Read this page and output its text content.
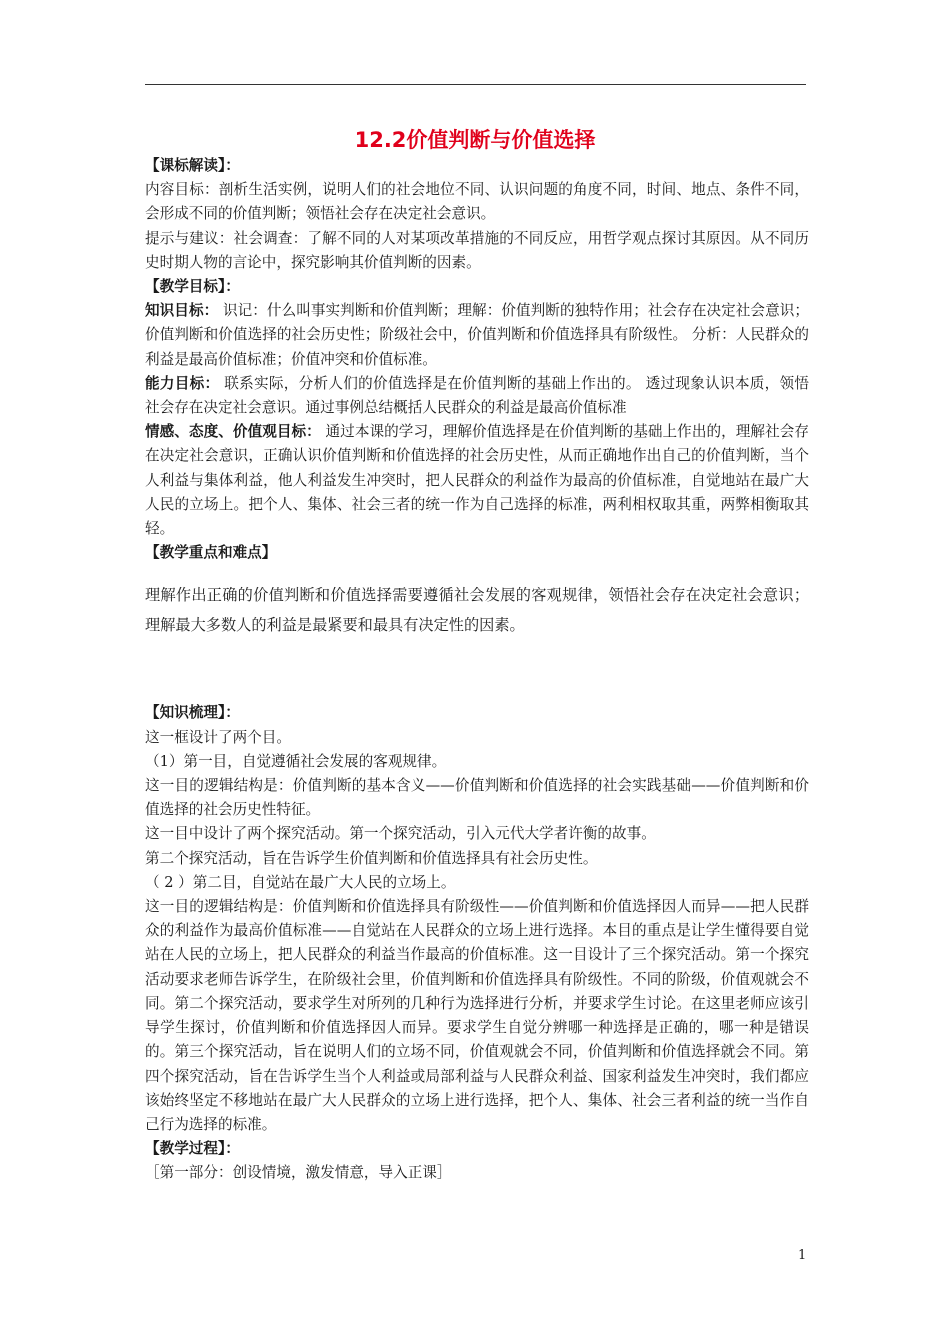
12.2价值判断与价值选择

【课标解读】：

内容目标：剖析生活实例，说明人们的社会地位不同、认识问题的角度不同，时间、地点、条件不同，会形成不同的价值判断；领悟社会存在决定社会意识。

提示与建议：社会调查：了解不同的人对某项改革措施的不同反应，用哲学观点探讨其原因。从不同历史时期人物的言论中，探究影响其价值判断的因素。

【教学目标】：

知识目标： 识记：什么叫事实判断和价值判断；理解：价值判断的独特作用；社会存在决定社会意识；价值判断和价值选择的社会历史性；阶级社会中，价值判断和价值选择具有阶级性。 分析：人民群众的利益是最高价值标准；价值冲突和价值标准。

能力目标： 联系实际，分析人们的价值选择是在价值判断的基础上作出的。 透过现象认识本质，领悟社会存在决定社会意识。通过事例总结概括人民群众的利益是最高价值标准

情感、态度、价值观目标： 通过本课的学习，理解价值选择是在价值判断的基础上作出的，理解社会存在决定社会意识，正确认识价值判断和价值选择的社会历史性，从而正确地作出自己的价值判断，当个人利益与集体利益，他人利益发生冲突时，把人民群众的利益作为最高的价值标准，自觉地站在最广大人民的立场上。把个人、集体、社会三者的统一作为自己选择的标准，两利相权取其重，两弊相衡取其轻。

【教学重点和难点】

理解作出正确的价值判断和价值选择需要遵循社会发展的客观规律，领悟社会存在决定社会意识；理解最大多数人的利益是最紧要和最具有决定性的因素。

【知识梳理】：

这一框设计了两个目。

（1）第一目，自觉遵循社会发展的客观规律。

这一目的逻辑结构是：价值判断的基本含义——价值判断和价值选择的社会实践基础——价值判断和价值选择的社会历史性特征。

这一目中设计了两个探究活动。第一个探究活动，引入元代大学者许衡的故事。

第二个探究活动，旨在告诉学生价值判断和价值选择具有社会历史性。

（ 2 ）第二目，自觉站在最广大人民的立场上。

这一目的逻辑结构是：价值判断和价值选择具有阶级性——价值判断和价值选择因人而异——把人民群众的利益作为最高价值标准——自觉站在人民群众的立场上进行选择。本目的重点是让学生懂得要自觉站在人民的立场上，把人民群众的利益当作最高的价值标准。这一目设计了三个探究活动。第一个探究活动要求老师告诉学生，在阶级社会里，价值判断和价值选择具有阶级性。不同的阶级，价值观就会不同。第二个探究活动，要求学生对所列的几种行为选择进行分析，并要求学生讨论。在这里老师应该引导学生探讨，价值判断和价值选择因人而异。要求学生自觉分辨哪一种选择是正确的，哪一种是错误的。第三个探究活动，旨在说明人们的立场不同，价值观就会不同，价值判断和价值选择就会不同。第四个探究活动，旨在告诉学生当个人利益或局部利益与人民群众利益、国家利益发生冲突时，我们都应该始终坚定不移地站在最广大人民群众的立场上进行选择，把个人、集体、社会三者利益的统一当作自己行为选择的标准。

【教学过程】：

［第一部分：创设情境，激发情意，导入正课］

1
